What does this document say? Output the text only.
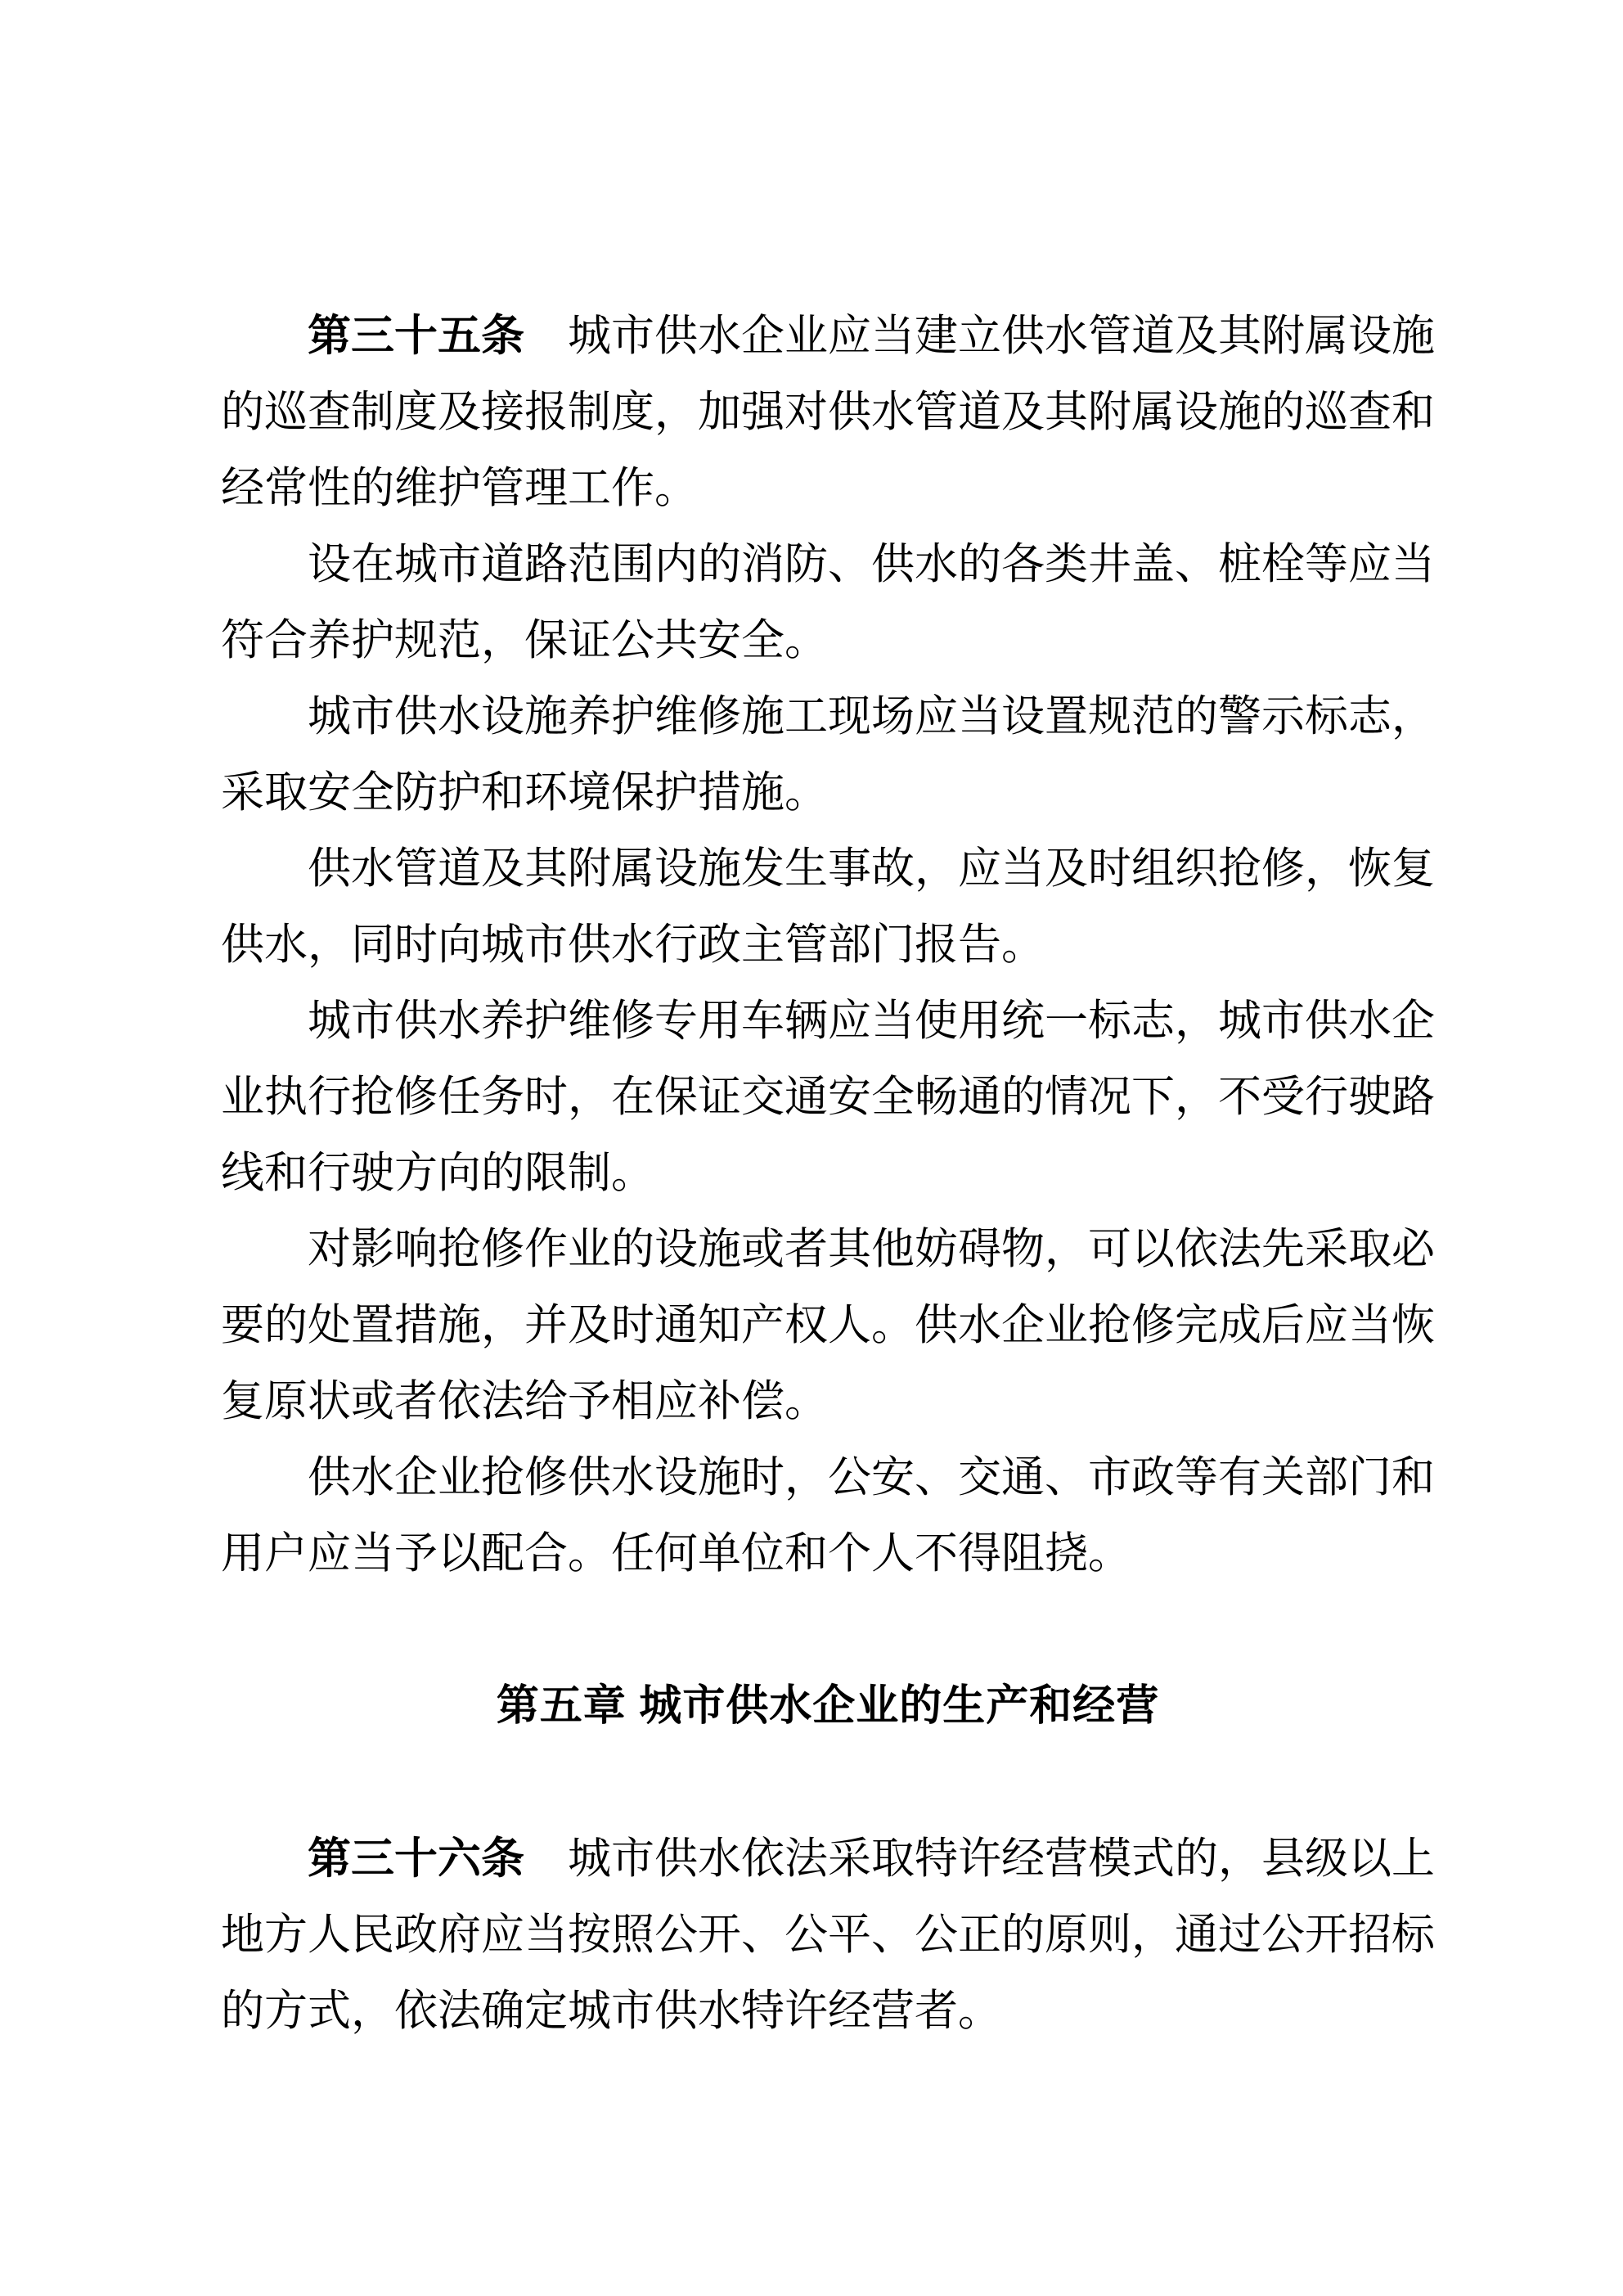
第三十五条 城市供水企业应当建立供水管道及其附属设施的巡查制度及接报制度，加强对供水管道及其附属设施的巡查和经常性的维护管理工作。

设在城市道路范围内的消防、供水的各类井盖、桩栓等应当符合养护规范，保证公共安全。

城市供水设施养护维修施工现场应当设置规范的警示标志，采取安全防护和环境保护措施。

供水管道及其附属设施发生事故，应当及时组织抢修，恢复供水，同时向城市供水行政主管部门报告。

城市供水养护维修专用车辆应当使用统一标志，城市供水企业执行抢修任务时，在保证交通安全畅通的情况下，不受行驶路线和行驶方向的限制。

对影响抢修作业的设施或者其他妨碍物，可以依法先采取必要的处置措施，并及时通知产权人。供水企业抢修完成后应当恢复原状或者依法给予相应补偿。

供水企业抢修供水设施时，公安、交通、市政等有关部门和用户应当予以配合。任何单位和个人不得阻挠。

第五章 城市供水企业的生产和经营

第三十六条 城市供水依法采取特许经营模式的，县级以上地方人民政府应当按照公开、公平、公正的原则，通过公开招标的方式，依法确定城市供水特许经营者。
